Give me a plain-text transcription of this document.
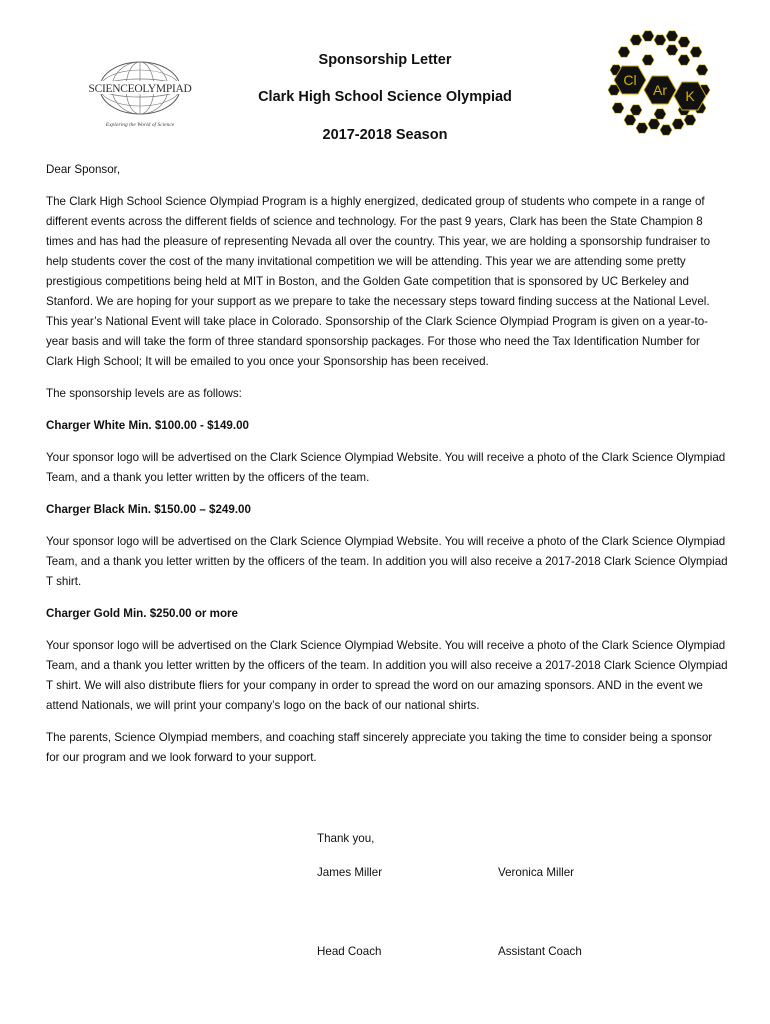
SCIENCEOLYMPIAD
Exploring the World of Science
Sponsorship Letter
Clark High School Science Olympiad
2017-2018 Season
Cl
Ar K

Dear Sponsor,

The Clark High School Science Olympiad Program is a highly energized, dedicated group of students who compete in a range of different events across the different fields of science and technology. For the past 9 years, Clark has been the State Champion 8 times and has had the pleasure of representing Nevada all over the country. This year, we are holding a sponsorship fundraiser to help students cover the cost of the many invitational competition we will be attending. This year we are attending some pretty prestigious competitions being held at MIT in Boston, and the Golden Gate competition that is sponsored by UC Berkeley and Stanford. We are hoping for your support as we prepare to take the necessary steps toward finding success at the National Level. This year’s National Event will take place in Colorado. Sponsorship of the Clark Science Olympiad Program is given on a year-to-year basis and will take the form of three standard sponsorship packages. For those who need the Tax Identification Number for Clark High School; It will be emailed to you once your Sponsorship has been received.

The sponsorship levels are as follows:

Charger White Min. $100.00 - $149.00

Your sponsor logo will be advertised on the Clark Science Olympiad Website. You will receive a photo of the Clark Science Olympiad Team, and a thank you letter written by the officers of the team.

Charger Black Min. $150.00 – $249.00

Your sponsor logo will be advertised on the Clark Science Olympiad Website. You will receive a photo of the Clark Science Olympiad Team, and a thank you letter written by the officers of the team. In addition you will also receive a 2017-2018 Clark Science Olympiad T shirt.

Charger Gold Min. $250.00 or more

Your sponsor logo will be advertised on the Clark Science Olympiad Website. You will receive a photo of the Clark Science Olympiad Team, and a thank you letter written by the officers of the team. In addition you will also receive a 2017-2018 Clark Science Olympiad T shirt. We will also distribute fliers for your company in order to spread the word on our amazing sponsors. AND in the event we attend Nationals, we will print your company’s logo on the back of our national shirts.

The parents, Science Olympiad members, and coaching staff sincerely appreciate you taking the time to consider being a sponsor for our program and we look forward to your support.

Thank you,
James Miller	Veronica Miller
Head Coach	Assistant Coach
